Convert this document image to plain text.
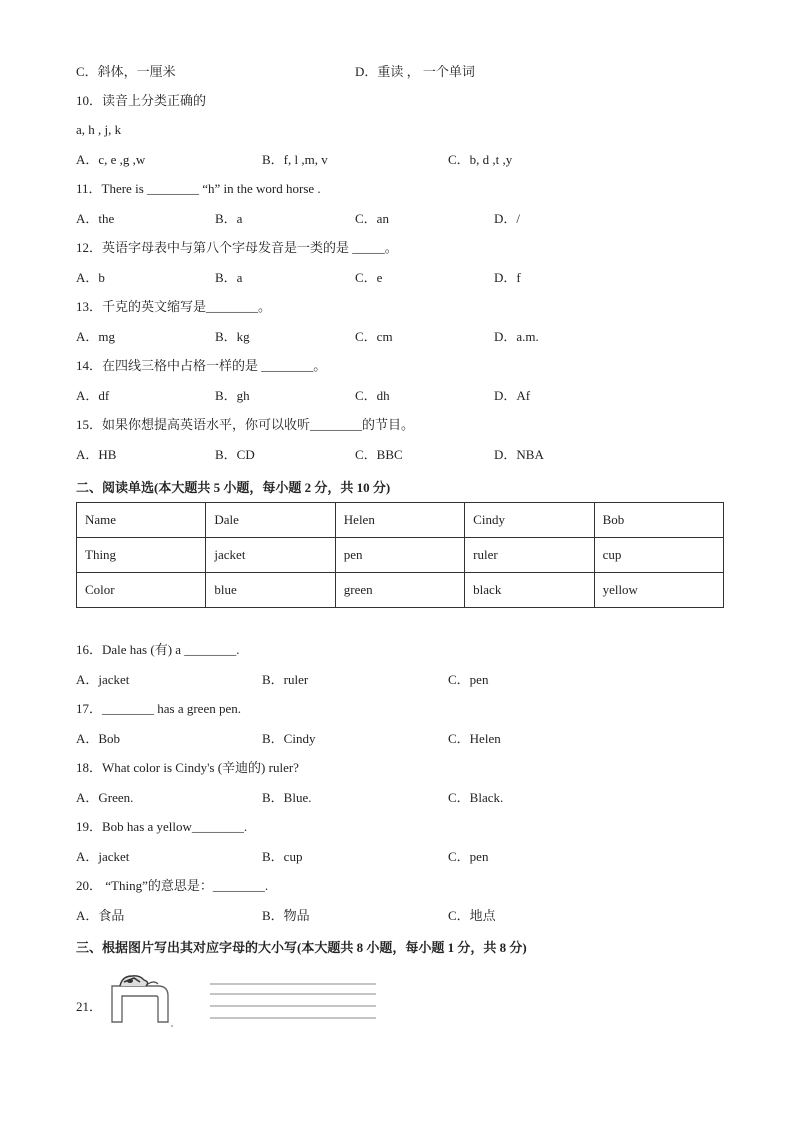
C．斜体，一厘米	D．重读 ， 一个单词
10．读音上分类正确的
a, h , j, k
A．c, e ,g ,w	B．f, l ,m, v	C．b, d ,t ,y
11．There is ________ “h” in the word horse .
A．the	B．a	C．an	D．/
12．英语字母表中与第八个字母发音是一类的是 _____。
A．b	B．a	C．e	D．f
13．千克的英文缩写是________。
A．mg	B．kg	C．cm	D．a.m.
14．在四线三格中占格一样的是 ________。
A．df	B．gh	C．dh	D．Af
15．如果你想提高英语水平，你可以收听________的节目。
A．HB	B．CD	C．BBC	D．NBA
二、阅读单选(本大题共 5 小题，每小题 2 分，共 10 分)
Name	Dale	Helen	Cindy	Bob
Thing	jacket	pen	ruler	cup
Color	blue	green	black	yellow
16．Dale has (有) a ________.
A．jacket	B．ruler	C．pen
17．________ has a green pen.
A．Bob	B．Cindy	C．Helen
18．What color is Cindy's (辛迪的) ruler?
A．Green.	B．Blue.	C．Black.
19．Bob has a yellow________.
A．jacket	B．cup	C．pen
20． “Thing”的意思是：________.
A．食品	B．物品	C．地点
三、根据图片写出其对应字母的大小写(本大题共 8 小题，每小题 1 分，共 8 分)
21．
